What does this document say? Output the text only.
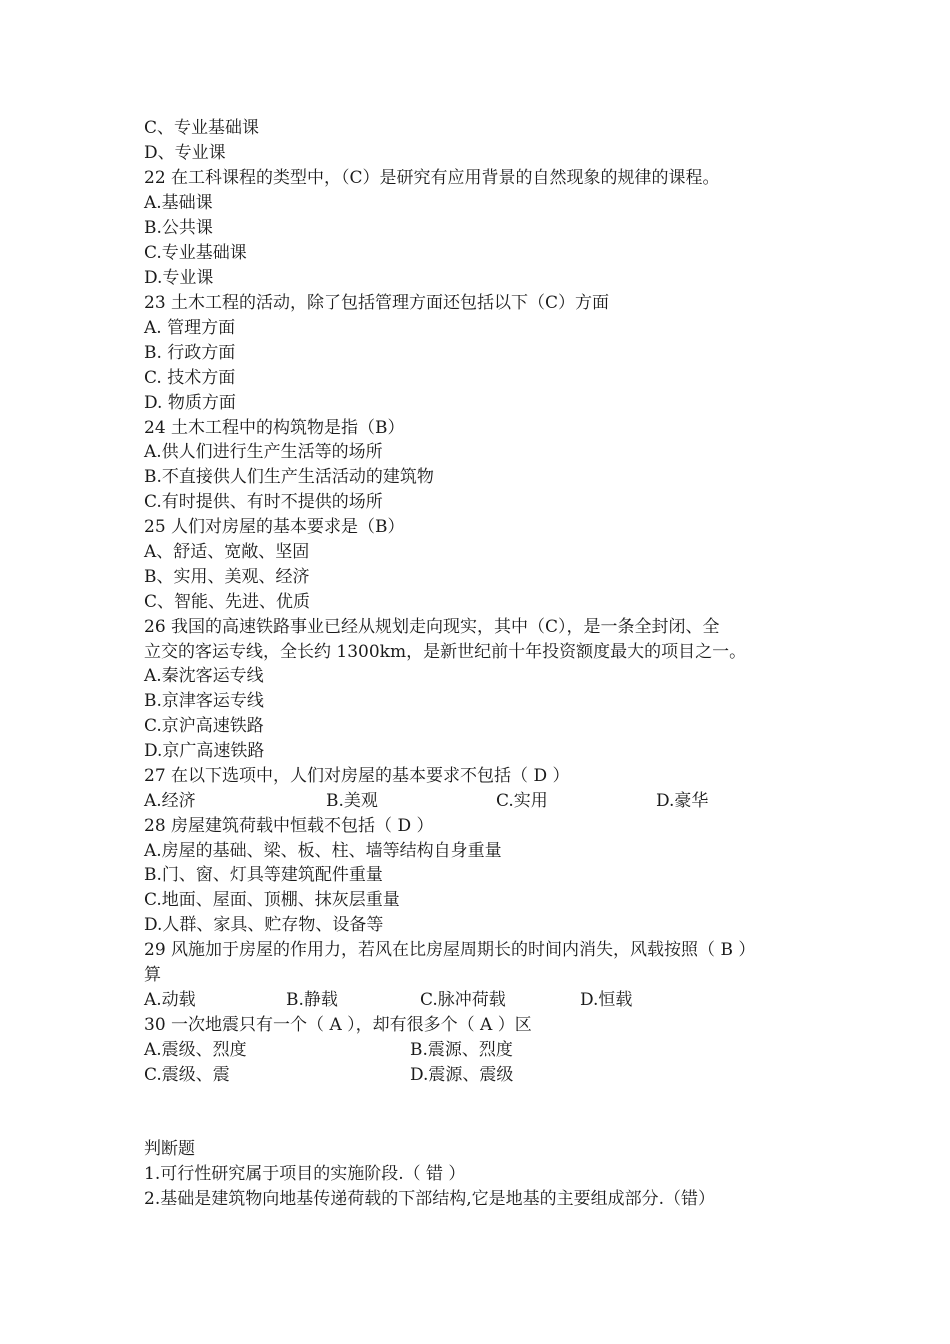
C、专业基础课
D、专业课
22 在工科课程的类型中，（C）是研究有应用背景的自然现象的规律的课程。
A.基础课
B.公共课
C.专业基础课
D.专业课
23 土木工程的活动，除了包括管理方面还包括以下（C）方面
A. 管理方面
B. 行政方面
C. 技术方面
D. 物质方面
24 土木工程中的构筑物是指（B）
A.供人们进行生产生活等的场所
B.不直接供人们生产生活活动的建筑物
C.有时提供、有时不提供的场所
25 人们对房屋的基本要求是（B）
A、舒适、宽敞、坚固
B、实用、美观、经济
C、智能、先进、优质
26 我国的高速铁路事业已经从规划走向现实，其中（C），是一条全封闭、全
立交的客运专线，全长约 1300km，是新世纪前十年投资额度最大的项目之一。
A.秦沈客运专线
B.京津客运专线
C.京沪高速铁路
D.京广高速铁路
27 在以下选项中，人们对房屋的基本要求不包括（ D ）
A.经济	B.美观	C.实用	D.豪华
28 房屋建筑荷载中恒载不包括（ D ）
A.房屋的基础、梁、板、柱、墙等结构自身重量
B.门、窗、灯具等建筑配件重量
C.地面、屋面、顶棚、抹灰层重量
D.人群、家具、贮存物、设备等
29 风施加于房屋的作用力，若风在比房屋周期长的时间内消失，风载按照（ B ）
算
A.动载	B.静载	C.脉冲荷载	D.恒载
30 一次地震只有一个（ A ），却有很多个（ A ）区
A.震级、烈度	B.震源、烈度
C.震级、震	D.震源、震级
判断题
1.可行性研究属于项目的实施阶段.（ 错 ）
2.基础是建筑物向地基传递荷载的下部结构,它是地基的主要组成部分.（错）
